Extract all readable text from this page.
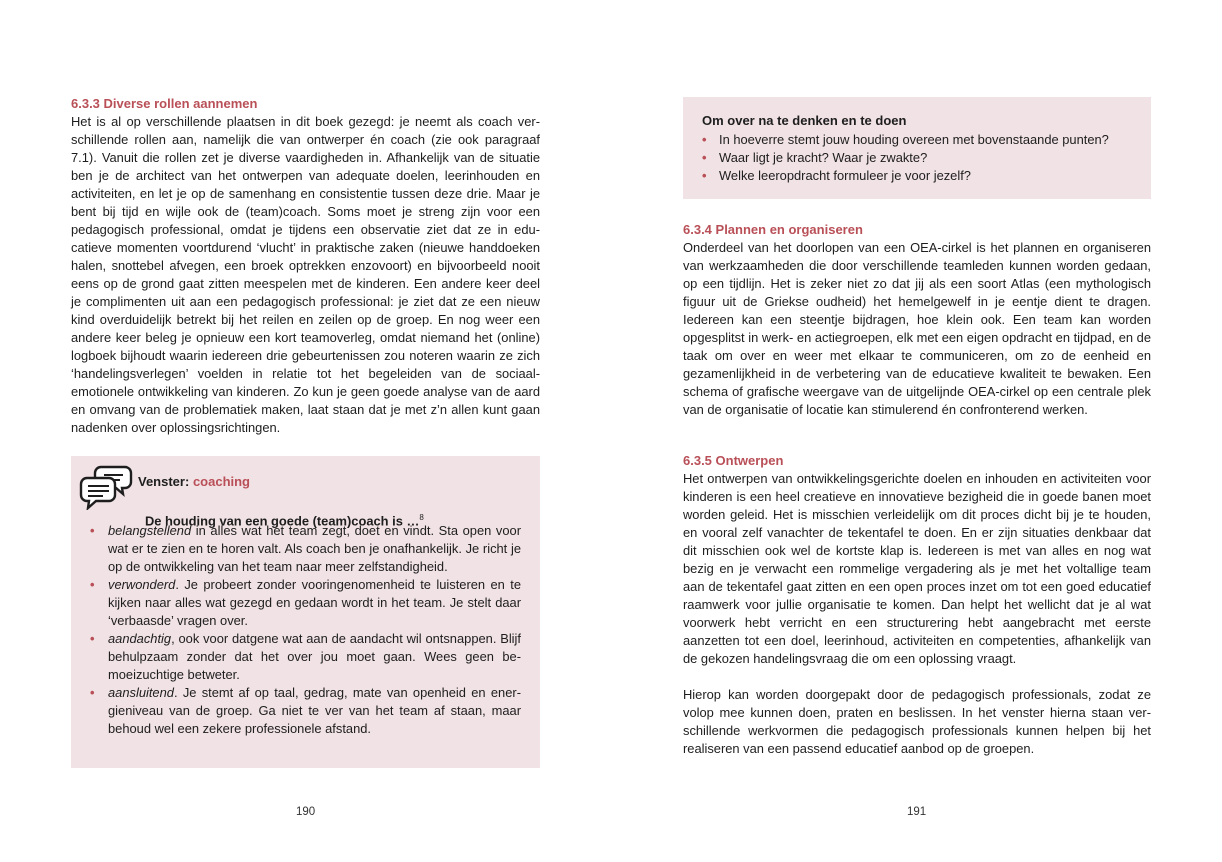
6.3.3 Diverse rollen aannemen

Het is al op verschillende plaatsen in dit boek gezegd: je neemt als coach verschillende rollen aan, namelijk die van ontwerper én coach (zie ook paragraaf 7.1). Vanuit die rollen zet je diverse vaardigheden in. Afhankelijk van de situatie ben je de architect van het ontwerpen van adequate doelen, leerinhouden en activiteiten, en let je op de samenhang en consistentie tussen deze drie. Maar je bent bij tijd en wijle ook de (team)coach. Soms moet je streng zijn voor een pedagogisch professional, omdat je tijdens een observatie ziet dat ze in educatieve momenten voortdurend ‘vlucht’ in praktische zaken (nieuwe handdoeken halen, snottebel afvegen, een broek optrekken enzovoort) en bijvoorbeeld nooit eens op de grond gaat zitten meespelen met de kinderen. Een andere keer deel je complimenten uit aan een pedagogisch professional: je ziet dat ze een nieuw kind overduidelijk betrekt bij het reilen en zeilen op de groep. En nog weer een andere keer beleg je opnieuw een kort teamoverleg, omdat niemand het (online) logboek bijhoudt waarin iedereen drie gebeurtenissen zou noteren waarin ze zich ‘handelingsverlegen’ voelden in relatie tot het begeleiden van de sociaal-emotionele ontwikkeling van kinderen. Zo kun je geen goede analyse van de aard en omvang van de problematiek maken, laat staan dat je met z’n allen kunt gaan nadenken over oplossingsrichtingen.

Venster: coaching
De houding van een goede (team)coach is …$^8$
• belangstellend in alles wat het team zegt, doet en vindt. Sta open voor wat er te zien en te horen valt. Als coach ben je onafhankelijk. Je richt je op de ontwikkeling van het team naar meer zelfstandigheid.
• verwonderd. Je probeert zonder vooringenomenheid te luisteren en te kijken naar alles wat gezegd en gedaan wordt in het team. Je stelt daar ‘verbaasde’ vragen over.
• aandachtig, ook voor datgene wat aan de aandacht wil ontsnappen. Blijf behulpzaam zonder dat het over jou moet gaan. Wees geen bemoeizuchtige betweter.
• aansluitend. Je stemt af op taal, gedrag, mate van openheid en energieniveau van de groep. Ga niet te ver van het team af staan, maar behoud wel een zekere professionele afstand.
190
Om over na te denken en te doen
• In hoeverre stemt jouw houding overeen met bovenstaande punten?
• Waar ligt je kracht? Waar je zwakte?
• Welke leeropdracht formuleer je voor jezelf?
6.3.4 Plannen en organiseren

Onderdeel van het doorlopen van een OEA-cirkel is het plannen en organiseren van werkzaamheden die door verschillende teamleden kunnen worden gedaan, op een tijdlijn. Het is zeker niet zo dat jij als een soort Atlas (een mythologisch figuur uit de Griekse oudheid) het hemelgewelf in je eentje dient te dragen. Iedereen kan een steentje bijdragen, hoe klein ook. Een team kan worden opgesplitst in werk- en actiegroepen, elk met een eigen opdracht en tijdpad, en de taak om over en weer met elkaar te communiceren, om zo de eenheid en gezamenlijkheid in de verbetering van de educatieve kwaliteit te bewaken. Een schema of grafische weergave van de uitgelijnde OEA-cirkel op een centrale plek van de organisatie of locatie kan stimulerend én confronterend werken.

6.3.5 Ontwerpen

Het ontwerpen van ontwikkelingsgerichte doelen en inhouden en activiteiten voor kinderen is een heel creatieve en innovatieve bezigheid die in goede banen moet worden geleid. Het is misschien verleidelijk om dit proces dicht bij je te houden, en vooral zelf vanachter de tekentafel te doen. En er zijn situaties denkbaar dat dit misschien ook wel de kortste klap is. Iedereen is met van alles en nog wat bezig en je verwacht een rommelige vergadering als je met het voltallige team aan de tekentafel gaat zitten en een open proces inzet om tot een goed educatief raamwerk voor jullie organisatie te komen. Dan helpt het wellicht dat je al wat voorwerk hebt verricht en een structurering hebt aangebracht met eerste aanzetten tot een doel, leerinhoud, activiteiten en competenties, afhankelijk van de gekozen handelingsvraag die om een oplossing vraagt.

Hierop kan worden doorgepakt door de pedagogisch professionals, zodat ze volop mee kunnen doen, praten en beslissen. In het venster hierna staan verschillende werkvormen die pedagogisch professionals kunnen helpen bij het realiseren van een passend educatief aanbod op de groepen.

191
